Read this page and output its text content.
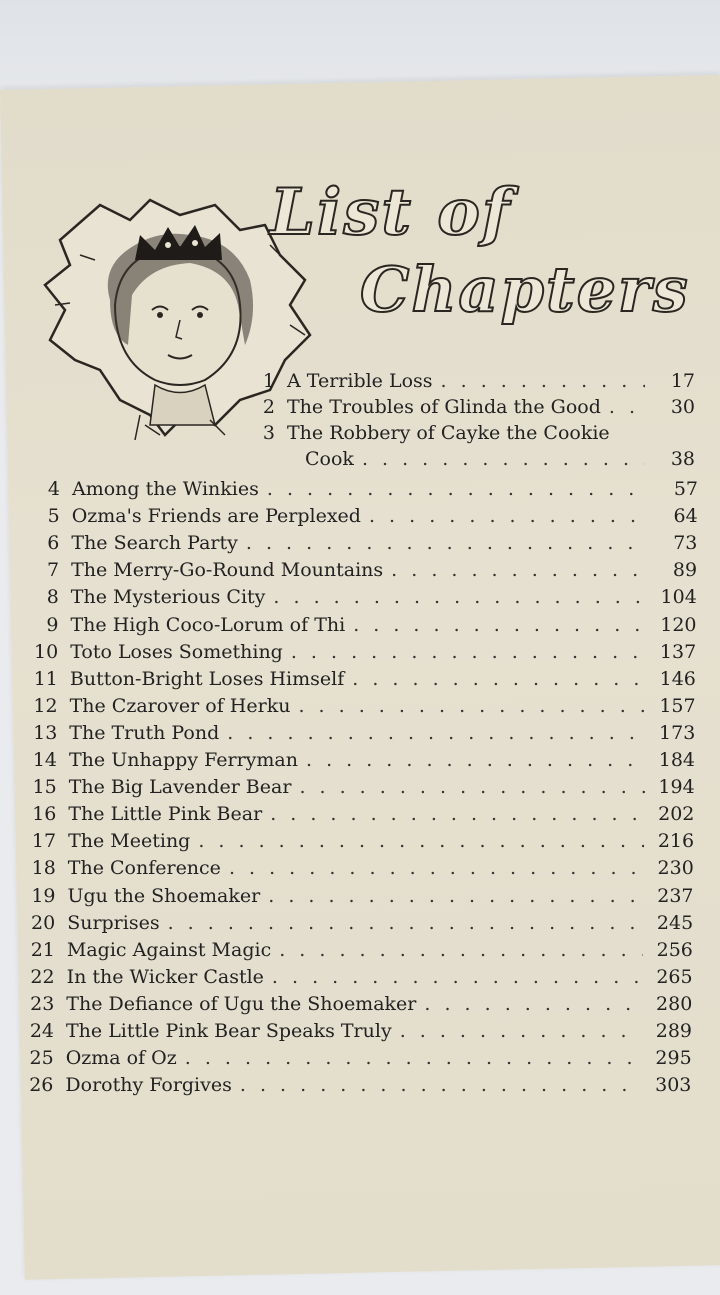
List of
Chapters
1 A Terrible Loss . . .	17
2 The Troubles of Glinda the Good . . .	30
3 The Robbery of Cayke the Cookie
Cook . . .	38
4 Among the Winkies . . .	57
5 Ozma's Friends are Perplexed . . .	64
6 The Search Party . . .	73
7 The Merry-Go-Round Mountains . . .	89
8 The Mysterious City . . .	104
9 The High Coco-Lorum of Thi . . .	120
10 Toto Loses Something . . .	137
11 Button-Bright Loses Himself . . .	146
12 The Czarover of Herku . . .	157
13 The Truth Pond . . .	173
14 The Unhappy Ferryman . . .	184
15 The Big Lavender Bear . . .	194
16 The Little Pink Bear . . .	202
17 The Meeting . . .	216
18 The Conference . . .	230
19 Ugu the Shoemaker . . .	237
20 Surprises . . .	245
21 Magic Against Magic . . .	256
22 In the Wicker Castle . . .	265
23 The Defiance of Ugu the Shoemaker . . .	280
24 The Little Pink Bear Speaks Truly . . .	289
25 Ozma of Oz . . .	295
26 Dorothy Forgives . . .	303
